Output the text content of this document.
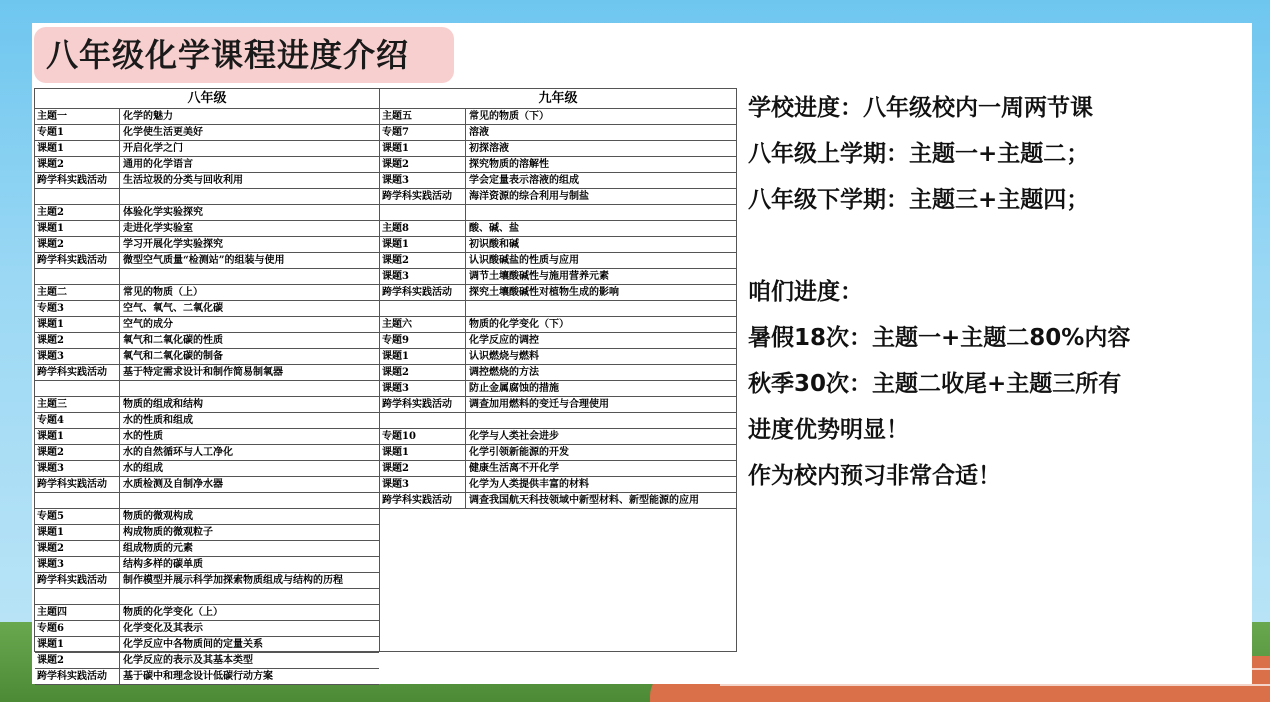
八年级化学课程进度介绍
八年级
主题一	化学的魅力
专题1	化学使生活更美好
课题1	开启化学之门
课题2	通用的化学语言
跨学科实践活动	生活垃圾的分类与回收利用
主题2	体验化学实验探究
课题1	走进化学实验室
课题2	学习开展化学实验探究
跨学科实践活动	微型空气质量“检测站”的组装与使用
主题二	常见的物质（上）
专题3	空气、氧气、二氧化碳
课题1	空气的成分
课题2	氧气和二氧化碳的性质
课题3	氧气和二氧化碳的制备
跨学科实践活动	基于特定需求设计和制作简易制氧器
主题三	物质的组成和结构
专题4	水的性质和组成
课题1	水的性质
课题2	水的自然循环与人工净化
课题3	水的组成
跨学科实践活动	水质检测及自制净水器
专题5	物质的微观构成
课题1	构成物质的微观粒子
课题2	组成物质的元素
课题3	结构多样的碳单质
跨学科实践活动	制作模型并展示科学加探索物质组成与结构的历程
主题四	物质的化学变化（上）
专题6	化学变化及其表示
课题1	化学反应中各物质间的定量关系
课题2	化学反应的表示及其基本类型
跨学科实践活动	基于碳中和理念设计低碳行动方案
九年级
主题五	常见的物质（下）
专题7	溶液
课题1	初探溶液
课题2	探究物质的溶解性
课题3	学会定量表示溶液的组成
跨学科实践活动	海洋资源的综合利用与制盐
主题8	酸、碱、盐
课题1	初识酸和碱
课题2	认识酸碱盐的性质与应用
课题3	调节土壤酸碱性与施用营养元素
跨学科实践活动	探究土壤酸碱性对植物生成的影响
主题六	物质的化学变化（下）
专题9	化学反应的调控
课题1	认识燃烧与燃料
课题2	调控燃烧的方法
课题3	防止金属腐蚀的措施
跨学科实践活动	调查加用燃料的变迁与合理使用
专题10	化学与人类社会进步
课题1	化学引领新能源的开发
课题2	健康生活离不开化学
课题3	化学为人类提供丰富的材料
跨学科实践活动	调查我国航天科技领域中新型材料、新型能源的应用
学校进度：八年级校内一周两节课
八年级上学期：主题一+主题二；
八年级下学期：主题三+主题四；
咱们进度：
暑假18次：主题一+主题二80%内容
秋季30次：主题二收尾+主题三所有
进度优势明显！
作为校内预习非常合适！
